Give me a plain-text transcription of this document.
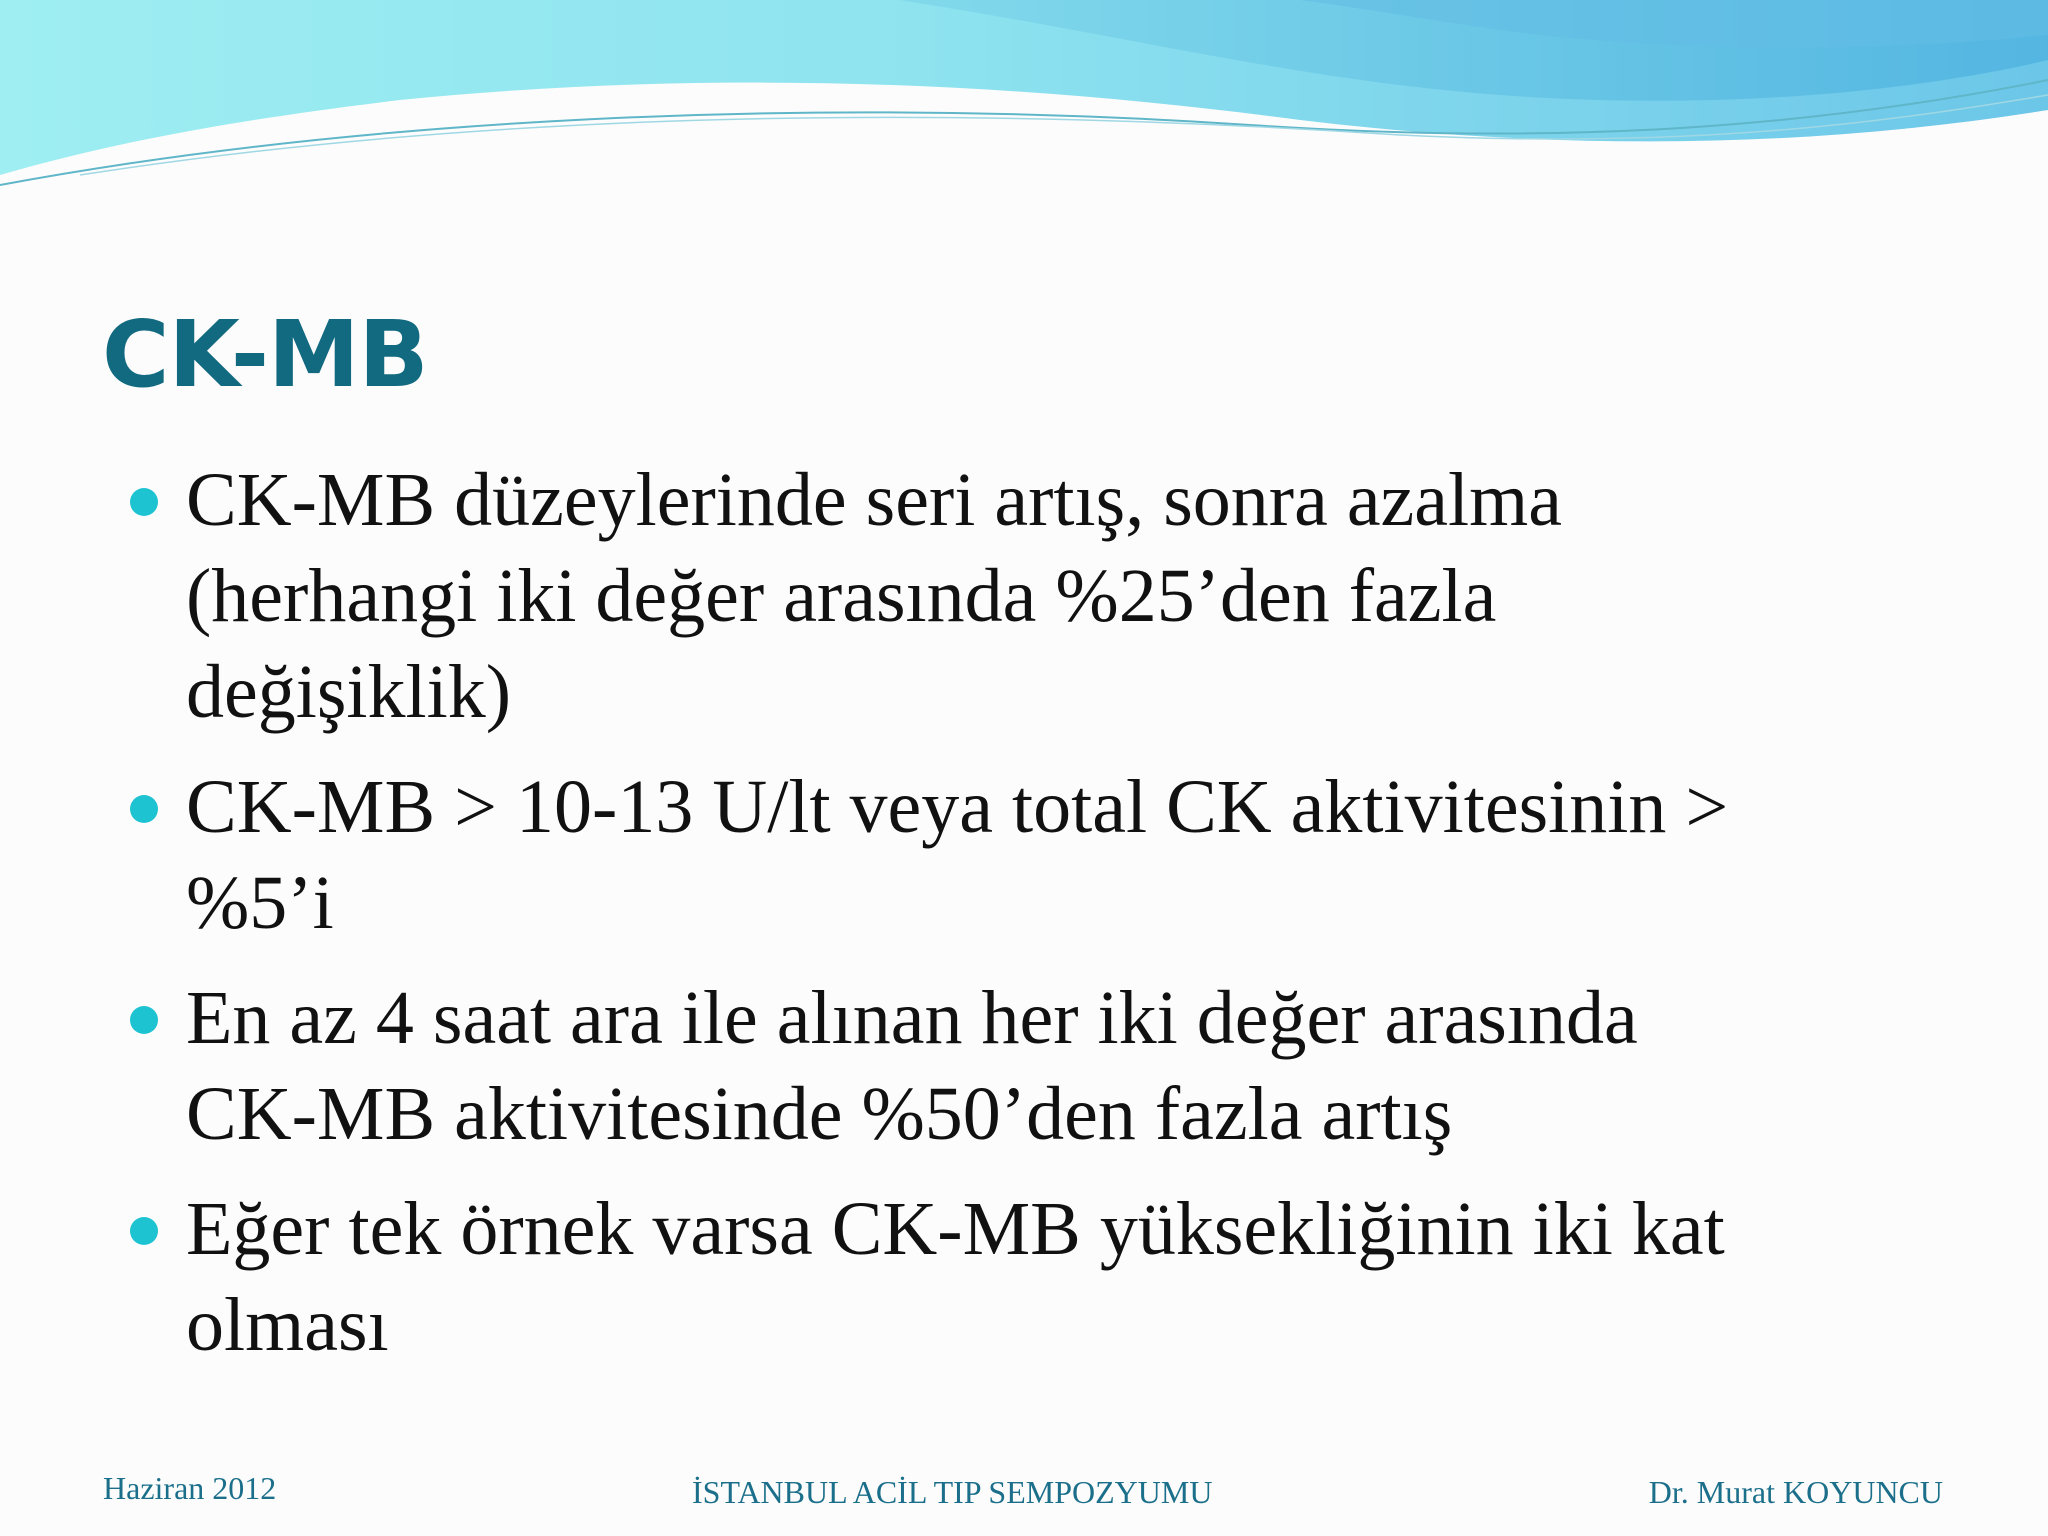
CK-MB
CK-MB düzeylerinde seri artış, sonra azalma
(herhangi iki değer arasında %25’den fazla
değişiklik)
CK-MB > 10-13 U/lt veya total CK aktivitesinin >
%5’i
En az 4 saat ara ile alınan her iki değer arasında
CK-MB aktivitesinde %50’den fazla artış
Eğer tek örnek varsa CK-MB yüksekliğinin iki kat
olması
Haziran 2012	İSTANBUL ACİL TIP SEMPOZYUMU	Dr. Murat KOYUNCU
